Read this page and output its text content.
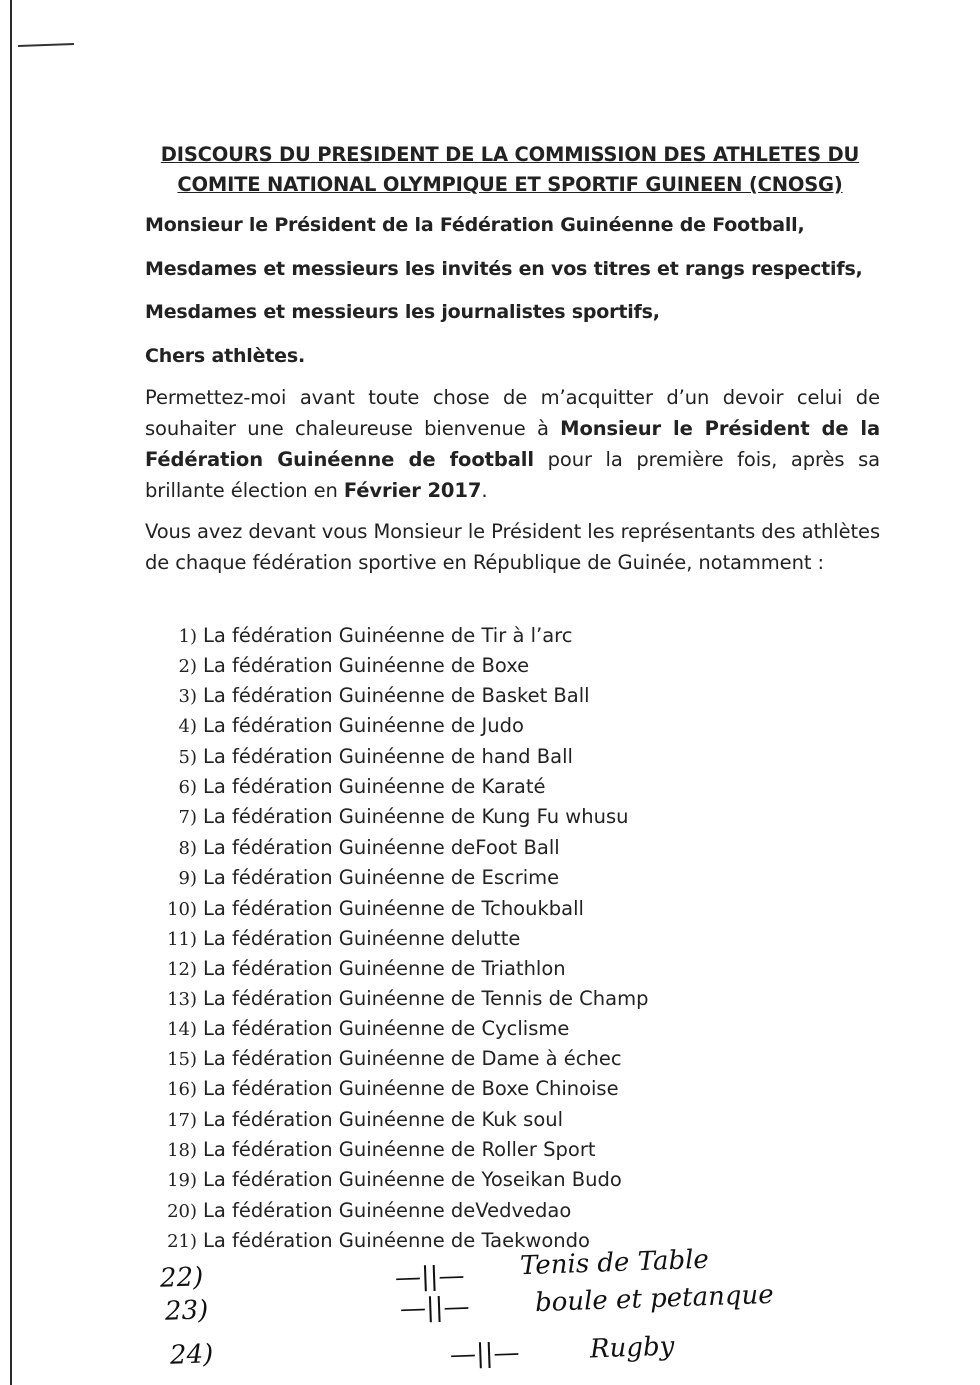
DISCOURS DU PRESIDENT DE LA COMMISSION DES ATHLETES DU
COMITE NATIONAL OLYMPIQUE ET SPORTIF GUINEEN (CNOSG)
Monsieur le Président de la Fédération Guinéenne de Football,
Mesdames et messieurs les invités en vos titres et rangs respectifs,
Mesdames et messieurs les journalistes sportifs,
Chers athlètes.
Permettez-moi avant toute chose de m’acquitter d’un devoir celui de souhaiter une chaleureuse bienvenue à Monsieur le Président de la Fédération Guinéenne de football pour la première fois, après sa brillante élection en Février 2017.
Vous avez devant vous Monsieur le Président les représentants des athlètes de chaque fédération sportive en République de Guinée, notamment :
1) La fédération Guinéenne de Tir à l’arc
2) La fédération Guinéenne de Boxe
3) La fédération Guinéenne de Basket Ball
4) La fédération Guinéenne de Judo
5) La fédération Guinéenne de hand Ball
6) La fédération Guinéenne de Karaté
7) La fédération Guinéenne de Kung Fu whusu
8) La fédération Guinéenne deFoot Ball
9) La fédération Guinéenne de Escrime
10) La fédération Guinéenne de Tchoukball
11) La fédération Guinéenne delutte
12) La fédération Guinéenne de Triathlon
13) La fédération Guinéenne de Tennis de Champ
14) La fédération Guinéenne de Cyclisme
15) La fédération Guinéenne de Dame à échec
16) La fédération Guinéenne de Boxe Chinoise
17) La fédération Guinéenne de Kuk soul
18) La fédération Guinéenne de Roller Sport
19) La fédération Guinéenne de Yoseikan Budo
20) La fédération Guinéenne deVedvedao
21) La fédération Guinéenne de Taekwondo
22)	—||— Tenis de Table
23)	—||— boule et petanque
24)	—||—	Rugby
